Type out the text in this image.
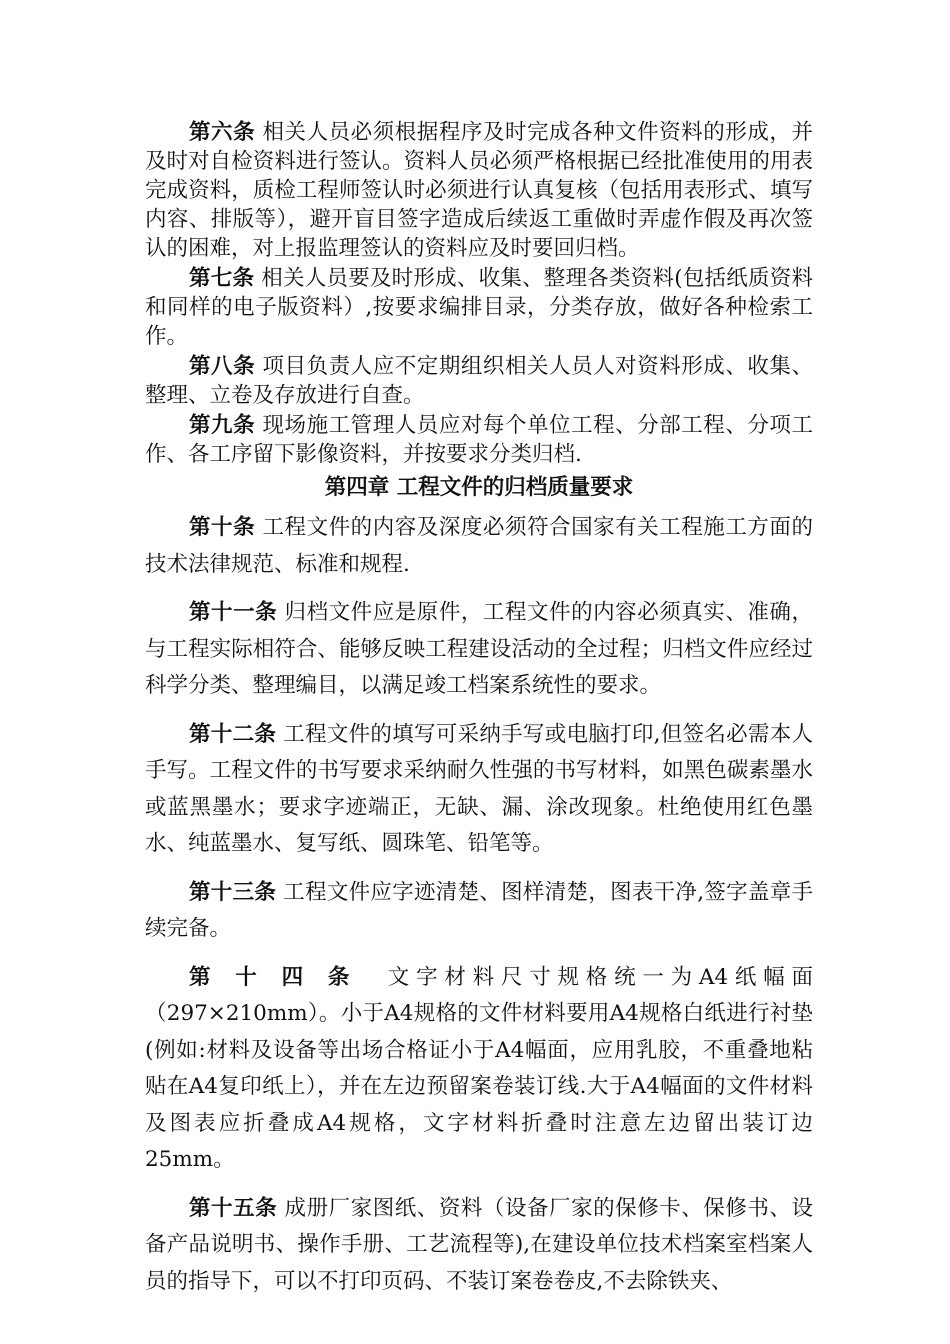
第六条 相关人员必须根据程序及时完成各种文件资料的形成，并及时对自检资料进行签认。资料人员必须严格根据已经批准使用的用表完成资料，质检工程师签认时必须进行认真复核（包括用表形式、填写内容、排版等），避开盲目签字造成后续返工重做时弄虚作假及再次签认的困难，对上报监理签认的资料应及时要回归档。

第七条 相关人员要及时形成、收集、整理各类资料(包括纸质资料和同样的电子版资料）,按要求编排目录，分类存放，做好各种检索工作。

第八条 项目负责人应不定期组织相关人员人对资料形成、收集、整理、立卷及存放进行自查。

第九条 现场施工管理人员应对每个单位工程、分部工程、分项工作、各工序留下影像资料，并按要求分类归档.

第四章 工程文件的归档质量要求

第十条 工程文件的内容及深度必须符合国家有关工程施工方面的技术法律规范、标准和规程.

第十一条 归档文件应是原件，工程文件的内容必须真实、准确，与工程实际相符合、能够反映工程建设活动的全过程；归档文件应经过科学分类、整理编目，以满足竣工档案系统性的要求。

第十二条 工程文件的填写可采纳手写或电脑打印,但签名必需本人手写。工程文件的书写要求采纳耐久性强的书写材料，如黑色碳素墨水或蓝黑墨水；要求字迹端正，无缺、漏、涂改现象。杜绝使用红色墨水、纯蓝墨水、复写纸、圆珠笔、铅笔等。

第十三条 工程文件应字迹清楚、图样清楚，图表干净,签字盖章手续完备。

第十四条 文字材料尺寸规格统一为A4纸幅面（297×210mm）。小于A4规格的文件材料要用A4规格白纸进行衬垫(例如:材料及设备等出场合格证小于A4幅面，应用乳胶，不重叠地粘贴在A4复印纸上），并在左边预留案卷装订线.大于A4幅面的文件材料及图表应折叠成A4规格，文字材料折叠时注意左边留出装订边25mm。

第十五条 成册厂家图纸、资料（设备厂家的保修卡、保修书、设备产品说明书、操作手册、工艺流程等),在建设单位技术档案室档案人员的指导下，可以不打印页码、不装订案卷卷皮,不去除铁夹、
